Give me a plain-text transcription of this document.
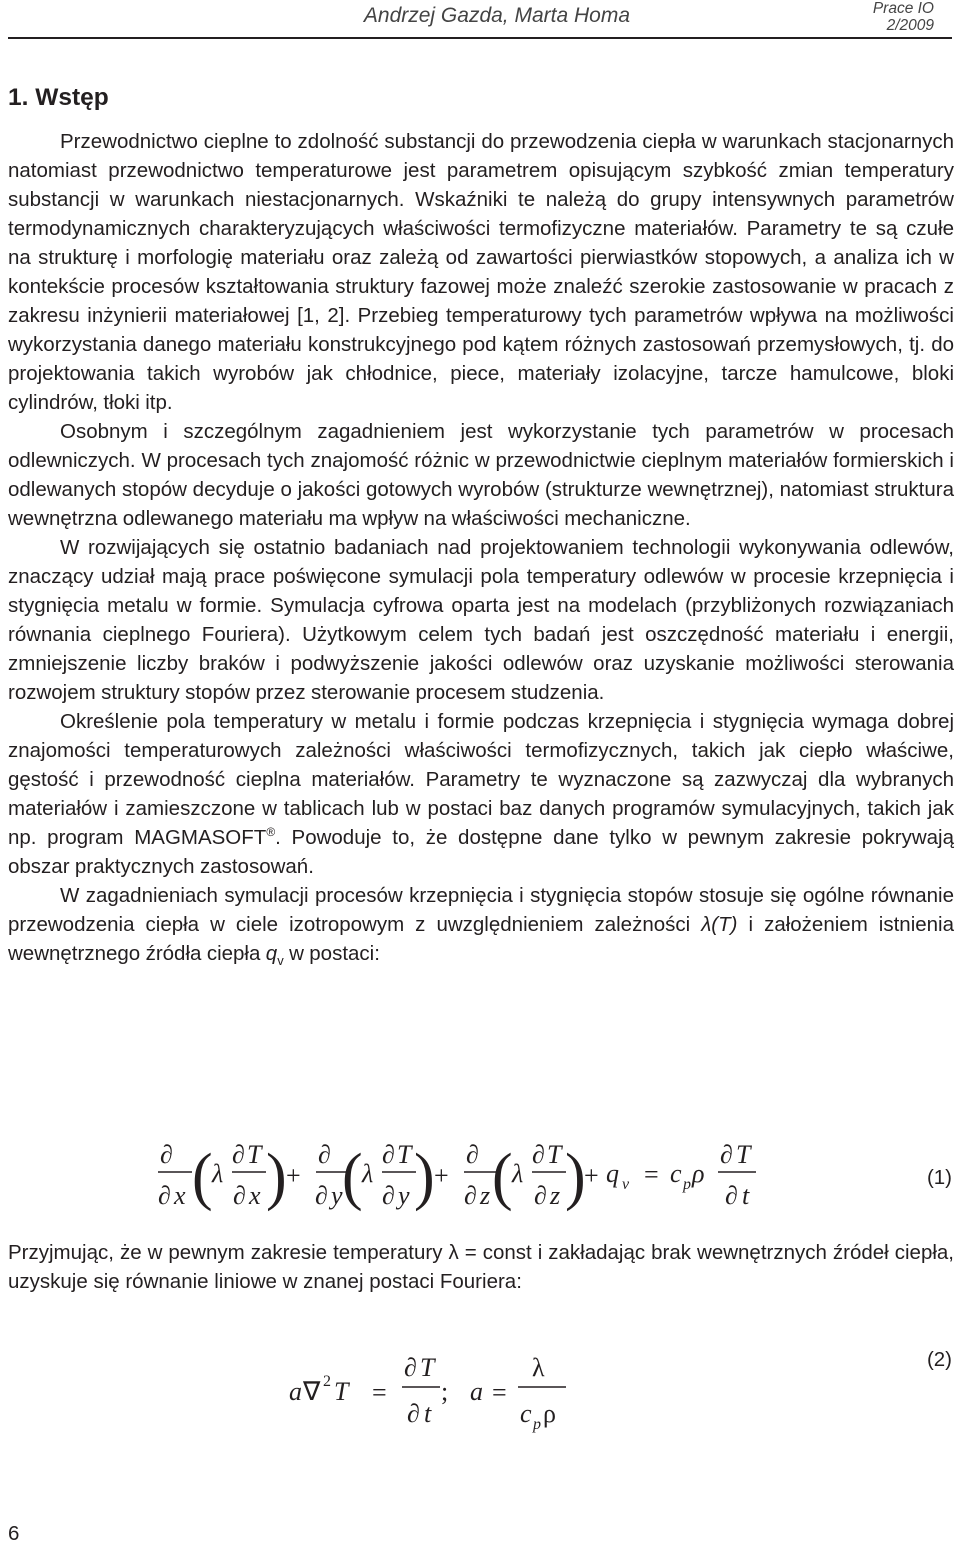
Andrzej Gazda, Marta Homa	Prace IO
2/2009
1. Wstęp

Przewodnictwo cieplne to zdolność substancji do przewodzenia ciepła w warunkach stacjonarnych natomiast przewodnictwo temperaturowe jest parametrem opisującym szybkość zmian temperatury substancji w warunkach niestacjonarnych. Wskaźniki te należą do grupy intensywnych parametrów termodynamicznych charakteryzujących właściwości termofizyczne materiałów. Parametry te są czułe na strukturę i morfologię materiału oraz zależą od zawartości pierwiastków stopowych, a analiza ich w kontekście procesów kształtowania struktury fazowej może znaleźć szerokie zastosowanie w pracach z zakresu inżynierii materiałowej [1, 2]. Przebieg temperaturowy tych parametrów wpływa na możliwości wykorzystania danego materiału konstrukcyjnego pod kątem różnych zastosowań przemysłowych, tj. do projektowania takich wyrobów jak chłodnice, piece, materiały izolacyjne, tarcze hamulcowe, bloki cylindrów, tłoki itp.

Osobnym i szczególnym zagadnieniem jest wykorzystanie tych parametrów w procesach odlewniczych. W procesach tych znajomość różnic w przewodnictwie cieplnym materiałów formierskich i odlewanych stopów decyduje o jakości gotowych wyrobów (strukturze wewnętrznej), natomiast struktura wewnętrzna odlewanego materiału ma wpływ na właściwości mechaniczne.

W rozwijających się ostatnio badaniach nad projektowaniem technologii wykonywania odlewów, znaczący udział mają prace poświęcone symulacji pola temperatury odlewów w procesie krzepnięcia i stygnięcia metalu w formie. Symulacja cyfrowa oparta jest na modelach (przybliżonych rozwiązaniach równania cieplnego Fouriera). Użytkowym celem tych badań jest oszczędność materiału i energii, zmniejszenie liczby braków i podwyższenie jakości odlewów oraz uzyskanie możliwości sterowania rozwojem struktury stopów przez sterowanie procesem studzenia.

Określenie pola temperatury w metalu i formie podczas krzepnięcia i stygnięcia wymaga dobrej znajomości temperaturowych zależności właściwości termofizycznych, takich jak ciepło właściwe, gęstość i przewodność cieplna materiałów. Parametry te wyznaczone są zazwyczaj dla wybranych materiałów i zamieszczone w tablicach lub w postaci baz danych programów symulacyjnych, takich jak np. program MAGMASOFT®. Powoduje to, że dostępne dane tylko w pewnym zakresie pokrywają obszar praktycznych zastosowań.

W zagadnieniach symulacji procesów krzepnięcia i stygnięcia stopów stosuje się ogólne równanie przewodzenia ciepła w ciele izotropowym z uwzględnieniem zależności λ(T) i założeniem istnienia wewnętrznego źródła ciepła $q_v$ w postaci:

∂
∂ x ( λ
∂ T
∂ x ) +
∂
∂ y ( λ
∂ T
∂ y ) +
∂
∂ z ( λ
∂ T
∂ z )
+ q v = c p ρ
∂ T
∂ t
(1)

Przyjmując, że w pewnym zakresie temperatury λ = const i zakładając brak wewnętrznych źródeł ciepła, uzyskuje się równanie liniowe w znanej postaci Fouriera:

a ∇ 2 T =
∂ T
∂ t
; a =
λ
c p ρ
(2)
6
